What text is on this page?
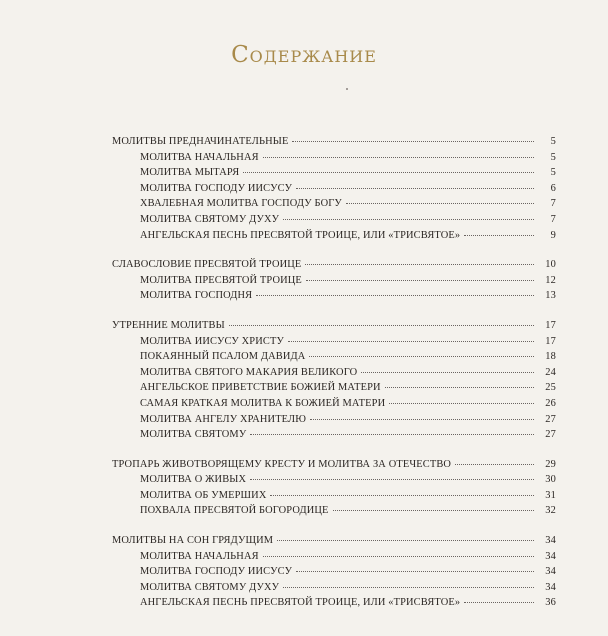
Содержание
МОЛИТВЫ ПРЕДНАЧИНАТЕЛЬНЫЕ	5
МОЛИТВА НАЧАЛЬНАЯ	5
МОЛИТВА МЫТАРЯ	5
МОЛИТВА ГОСПОДУ ИИСУСУ	6
ХВАЛЕБНАЯ МОЛИТВА ГОСПОДУ БОГУ	7
МОЛИТВА СВЯТОМУ ДУХУ	7
АНГЕЛЬСКАЯ ПЕСНЬ ПРЕСВЯТОЙ ТРОИЦЕ, ИЛИ «ТРИСВЯТОЕ»	9
СЛАВОСЛОВИЕ ПРЕСВЯТОЙ ТРОИЦЕ	10
МОЛИТВА ПРЕСВЯТОЙ ТРОИЦЕ	12
МОЛИТВА ГОСПОДНЯ	13
УТРЕННИЕ МОЛИТВЫ	17
МОЛИТВА ИИСУСУ ХРИСТУ	17
ПОКАЯННЫЙ ПСАЛОМ ДАВИДА	18
МОЛИТВА СВЯТОГО МАКАРИЯ ВЕЛИКОГО	24
АНГЕЛЬСКОЕ ПРИВЕТСТВИЕ БОЖИЕЙ МАТЕРИ	25
САМАЯ КРАТКАЯ МОЛИТВА К БОЖИЕЙ МАТЕРИ	26
МОЛИТВА АНГЕЛУ ХРАНИТЕЛЮ	27
МОЛИТВА СВЯТОМУ	27
ТРОПАРЬ ЖИВОТВОРЯЩЕМУ КРЕСТУ И МОЛИТВА ЗА ОТЕЧЕСТВО	29
МОЛИТВА О ЖИВЫХ	30
МОЛИТВА ОБ УМЕРШИХ	31
ПОХВАЛА ПРЕСВЯТОЙ БОГОРОДИЦЕ	32
МОЛИТВЫ НА СОН ГРЯДУЩИМ	34
МОЛИТВА НАЧАЛЬНАЯ	34
МОЛИТВА ГОСПОДУ ИИСУСУ	34
МОЛИТВА СВЯТОМУ ДУХУ	34
АНГЕЛЬСКАЯ ПЕСНЬ ПРЕСВЯТОЙ ТРОИЦЕ, ИЛИ «ТРИСВЯТОЕ»	36
